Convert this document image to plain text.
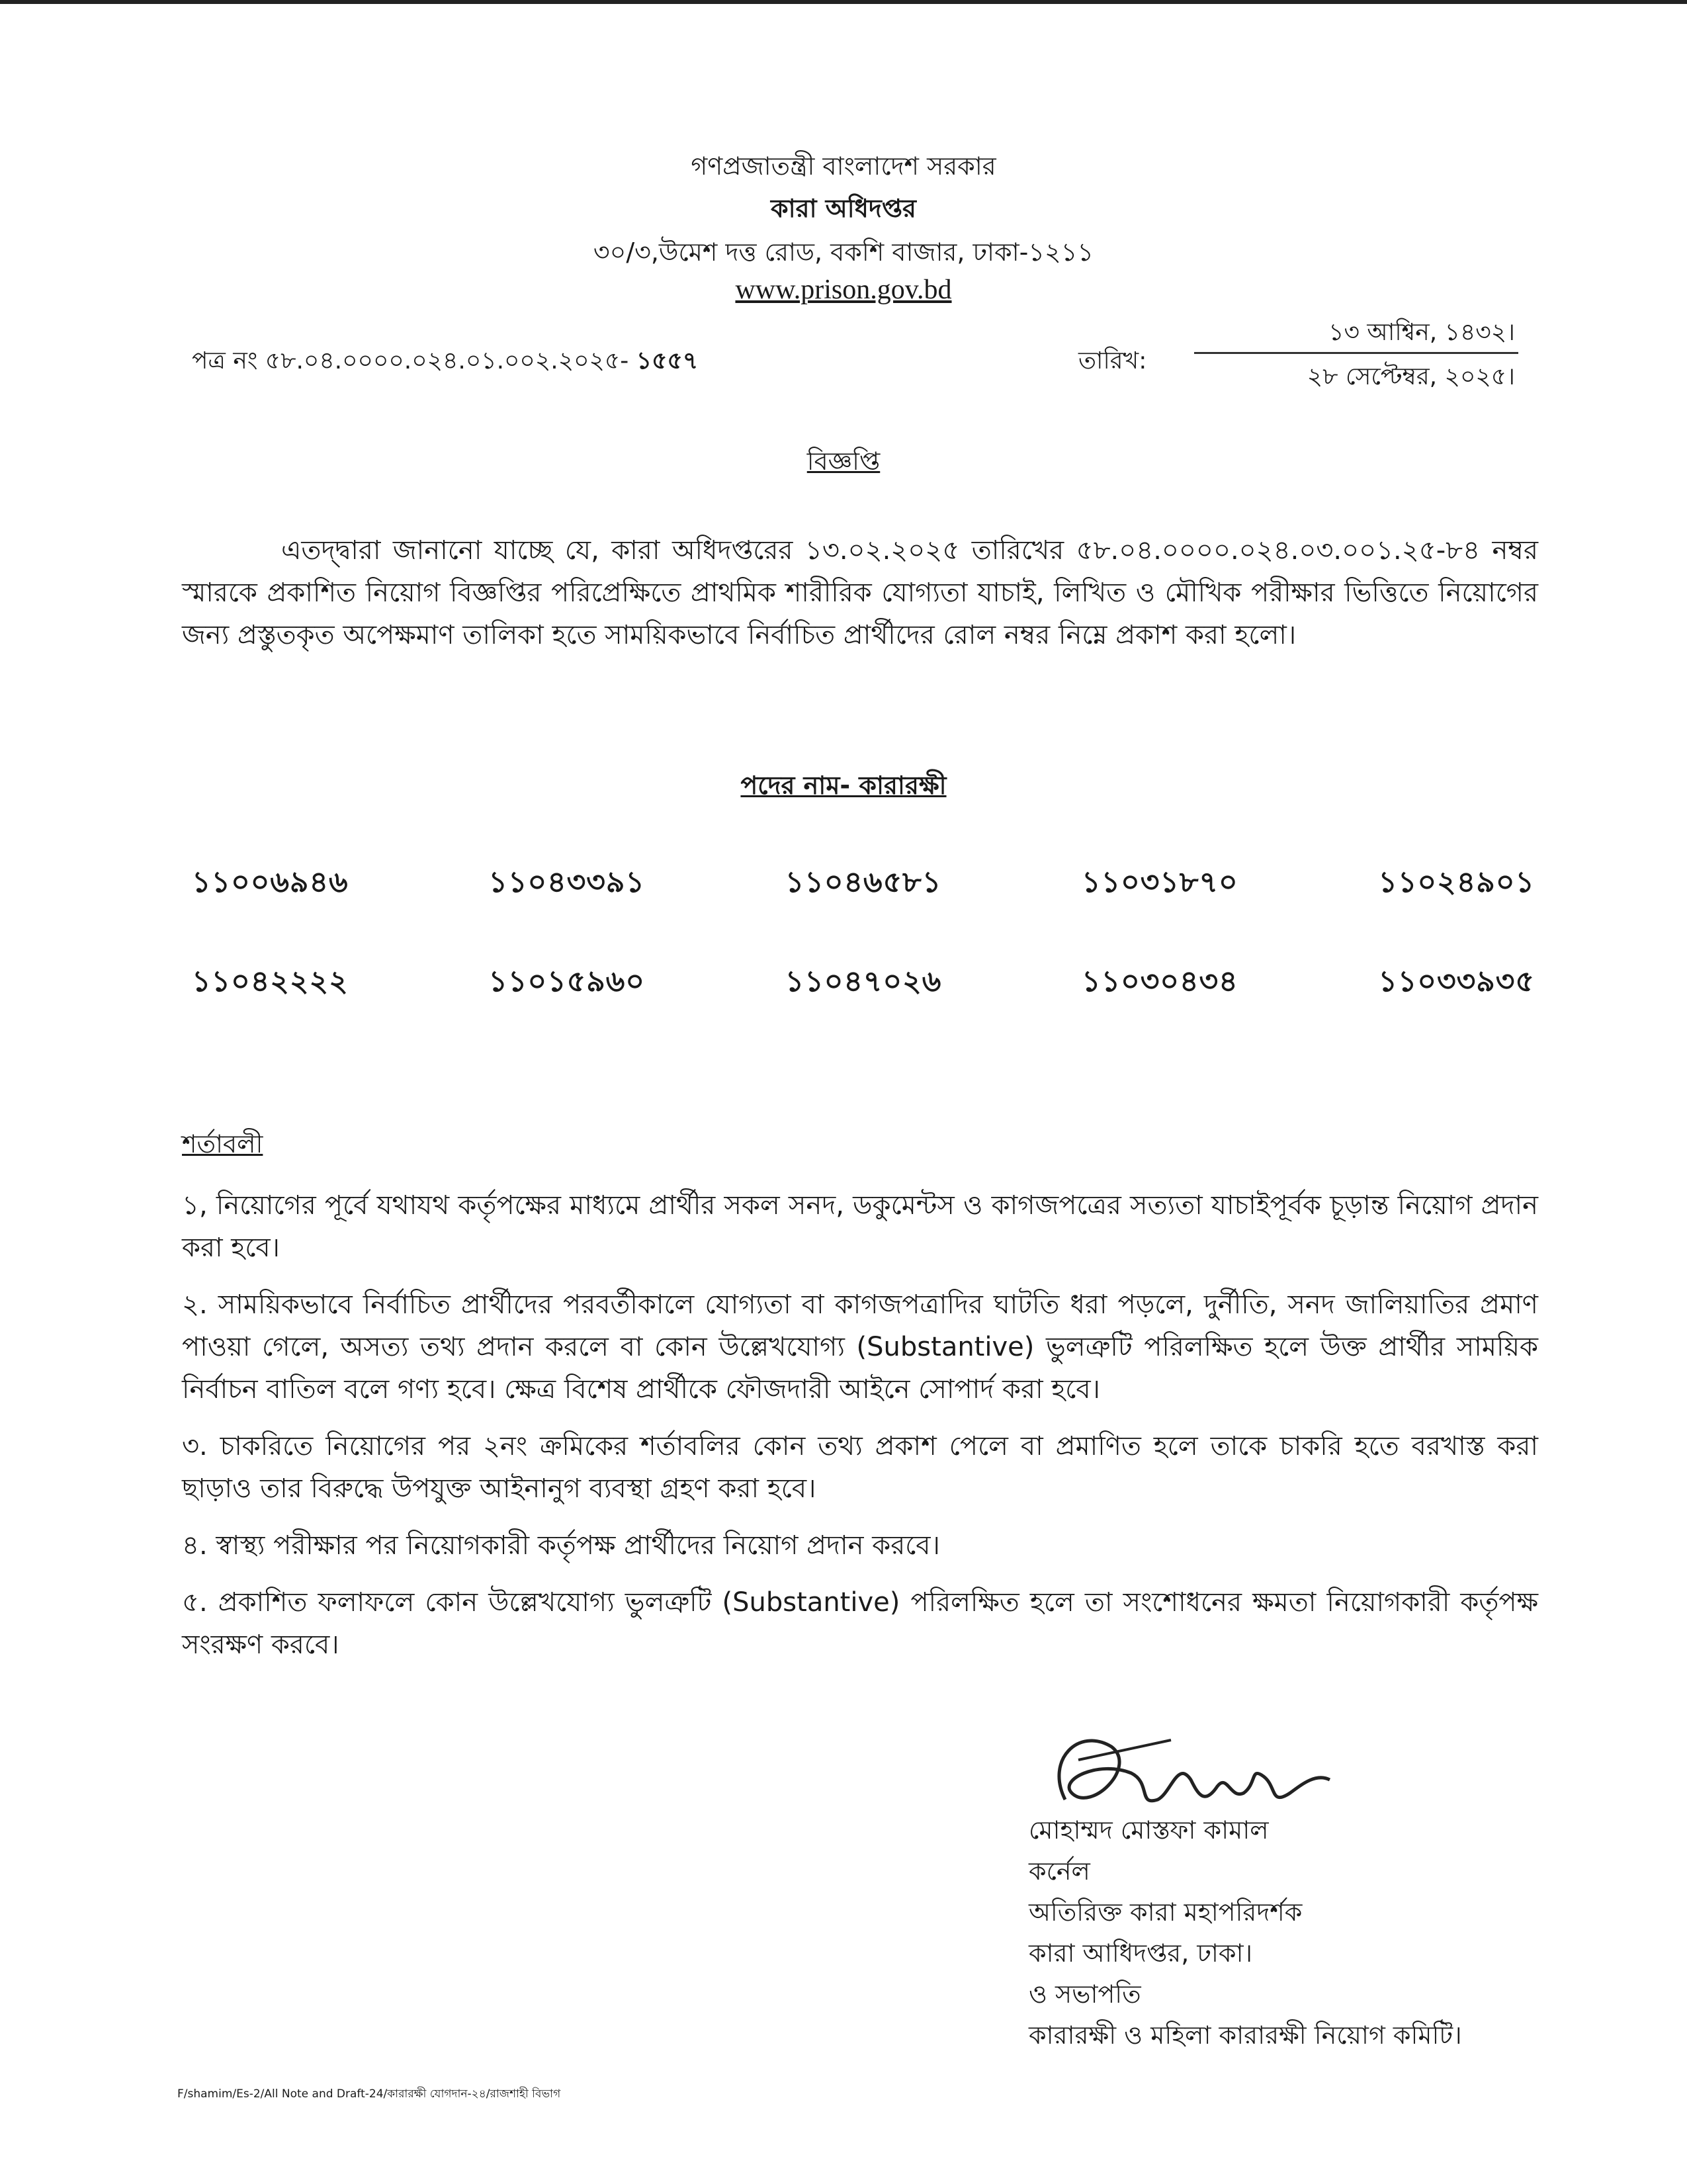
গণপ্রজাতন্ত্রী বাংলাদেশ সরকার
কারা অধিদপ্তর
৩০/৩,উমেশ দত্ত রোড, বকশি বাজার, ঢাকা-১২১১
www.prison.gov.bd
পত্র নং ৫৮.০৪.০০০০.০২৪.০১.০০২.২০২৫- ১৫৫৭	তারিখ:
১৩ আশ্বিন, ১৪৩২।
২৮ সেপ্টেম্বর, ২০২৫।
বিজ্ঞপ্তি
এতদ্দ্বারা জানানো যাচ্ছে যে, কারা অধিদপ্তরের ১৩.০২.২০২৫ তারিখের ৫৮.০৪.০০০০.০২৪.০৩.০০১.২৫-৮৪ নম্বর স্মারকে প্রকাশিত নিয়োগ বিজ্ঞপ্তির পরিপ্রেক্ষিতে প্রাথমিক শারীরিক যোগ্যতা যাচাই, লিখিত ও মৌখিক পরীক্ষার ভিত্তিতে নিয়োগের জন্য প্রস্তুতকৃত অপেক্ষমাণ তালিকা হতে সাময়িকভাবে নির্বাচিত প্রার্থীদের রোল নম্বর নিম্নে প্রকাশ করা হলো।
পদের নাম- কারারক্ষী
১১০০৬৯৪৬	১১০৪৩৩৯১	১১০৪৬৫৮১	১১০৩১৮৭০	১১০২৪৯০১
১১০৪২২২২	১১০১৫৯৬০	১১০৪৭০২৬	১১০৩০৪৩৪	১১০৩৩৯৩৫
শর্তাবলী

১, নিয়োগের পূর্বে যথাযথ কর্তৃপক্ষের মাধ্যমে প্রার্থীর সকল সনদ, ডকুমেন্টস ও কাগজপত্রের সত্যতা যাচাইপূর্বক চূড়ান্ত নিয়োগ প্রদান করা হবে।

২. সাময়িকভাবে নির্বাচিত প্রার্থীদের পরবর্তীকালে যোগ্যতা বা কাগজপত্রাদির ঘাটতি ধরা পড়লে, দুর্নীতি, সনদ জালিয়াতির প্রমাণ পাওয়া গেলে, অসত্য তথ্য প্রদান করলে বা কোন উল্লেখযোগ্য (Substantive) ভুলত্রুটি পরিলক্ষিত হলে উক্ত প্রার্থীর সাময়িক নির্বাচন বাতিল বলে গণ্য হবে। ক্ষেত্র বিশেষ প্রার্থীকে ফৌজদারী আইনে সোপার্দ করা হবে।

৩. চাকরিতে নিয়োগের পর ২নং ক্রমিকের শর্তাবলির কোন তথ্য প্রকাশ পেলে বা প্রমাণিত হলে তাকে চাকরি হতে বরখাস্ত করা ছাড়াও তার বিরুদ্ধে উপযুক্ত আইনানুগ ব্যবস্থা গ্রহণ করা হবে।

৪. স্বাস্থ্য পরীক্ষার পর নিয়োগকারী কর্তৃপক্ষ প্রার্থীদের নিয়োগ প্রদান করবে।

৫. প্রকাশিত ফলাফলে কোন উল্লেখযোগ্য ভুলত্রুটি (Substantive) পরিলক্ষিত হলে তা সংশোধনের ক্ষমতা নিয়োগকারী কর্তৃপক্ষ সংরক্ষণ করবে।

মোহাম্মদ মোস্তফা কামাল
কর্নেল
অতিরিক্ত কারা মহাপরিদর্শক
কারা আধিদপ্তর, ঢাকা।
ও সভাপতি
কারারক্ষী ও মহিলা কারারক্ষী নিয়োগ কমিটি।
F/shamim/Es-2/All Note and Draft-24/কারারক্ষী যোগদান-২৪/রাজশাহী বিভাগ
